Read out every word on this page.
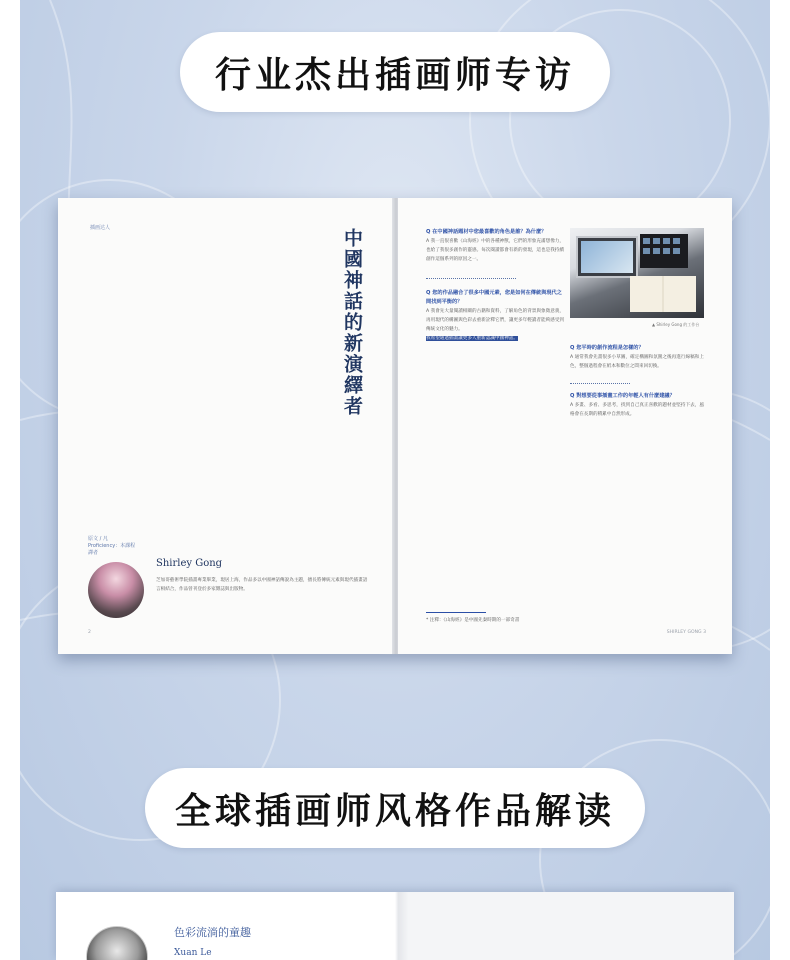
行业杰出插画师专访
插画达人	中國神話的新演繹者
原文 / 凡
Proficiency：本課程
譯者
Shirley Gong
芝加哥藝術學院插畫專業畢業，現居上海，作品多以中國神話傳說為主題，擅長將傳統元素與現代插畫語言相結合，作品曾刊登於多家雜誌與出版物。
2
Q 在中國神話題材中您最喜歡的角色是誰？為什麼？
A 我一直很喜歡《山海經》中的各種神獸，它們的形象充滿想像力，也給了我很多創作的靈感。每次閱讀都會有新的發現，這也是我持續創作這個系列的原因之一。
Q 您的作品融合了很多中國元素，您是如何在傳統與現代之間找到平衡的？
A 我會先大量閱讀相關的古籍和資料，了解角色的背景與象徵意義，再用現代的構圖與色彩去重新詮釋它們，讓更多年輕讀者能夠感受到傳統文化的魅力。
我希望通過插畫讓更多人重新認識中國神話。
▲ Shirley Gong 的工作台
Q 您平時的創作流程是怎樣的？
A 通常我會先畫很多小草圖，確定構圖和氛圍之後再進行線稿和上色，整個過程會在紙本和數位之間來回切換。
Q 對想要從事插畫工作的年輕人有什麼建議？
A 多畫、多看、多思考，找到自己真正喜歡的題材並堅持下去，風格會在長期的積累中自然形成。
* 注釋：《山海經》是中國先秦時期的一部奇書
SHIRLEY GONG 3
全球插画师风格作品解读
色彩流淌的童趣
Xuan Le
